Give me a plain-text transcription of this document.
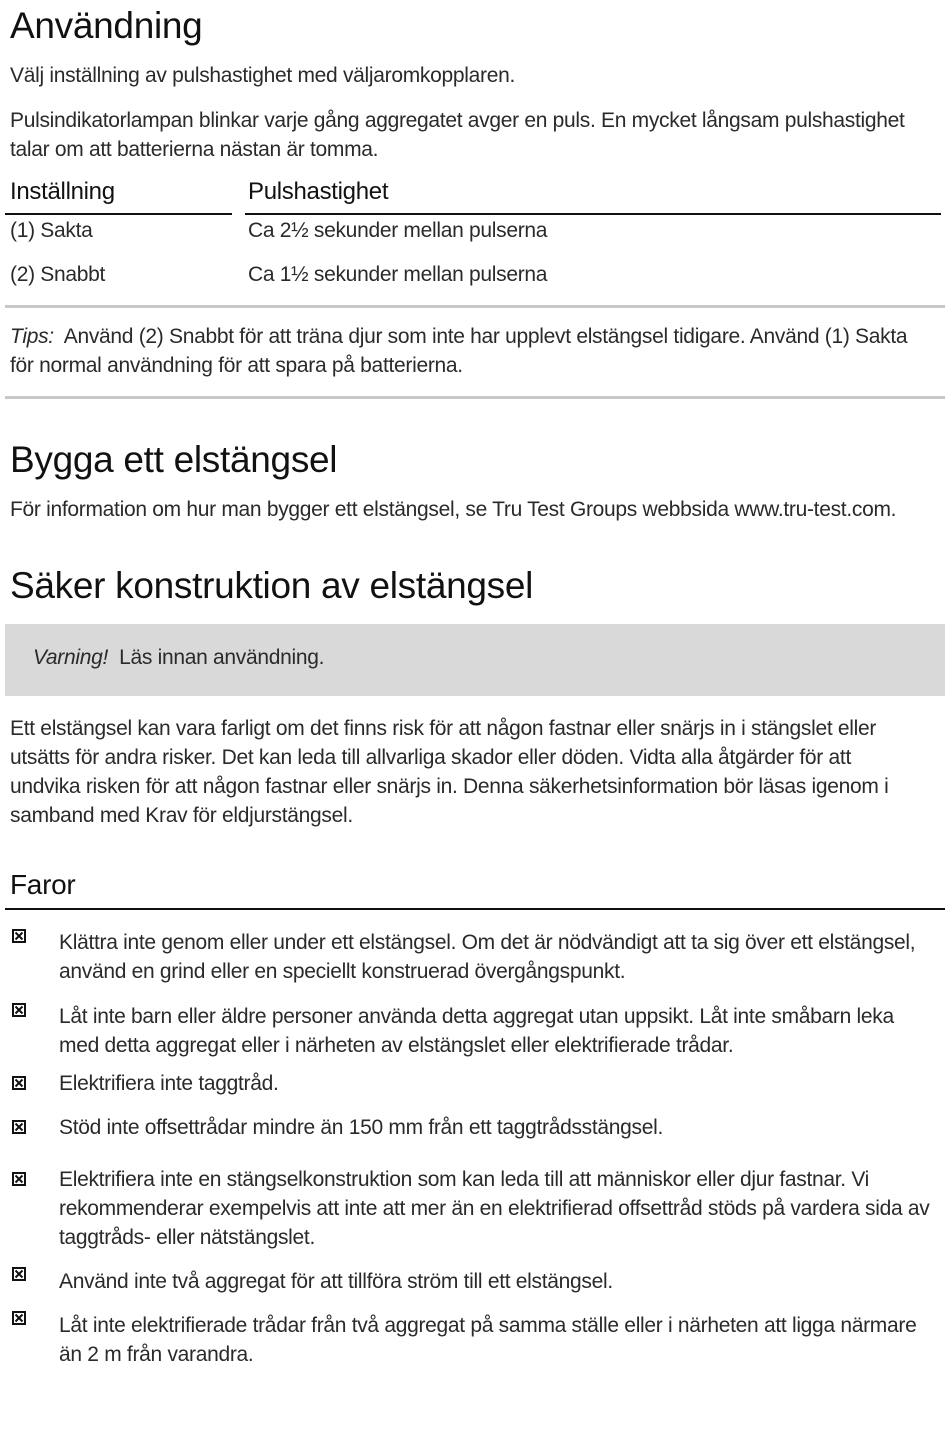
Användning

Välj inställning av pulshastighet med väljaromkopplaren.

Pulsindikatorlampan blinkar varje gång aggregatet avger en puls. En mycket långsam pulshastighet talar om att batterierna nästan är tomma.

Inställning	Pulshastighet
(1) Sakta	Ca 2½ sekunder mellan pulserna
(2) Snabbt	Ca 1½ sekunder mellan pulserna

Tips: Använd (2) Snabbt för att träna djur som inte har upplevt elstängsel tidigare. Använd (1) Sakta för normal användning för att spara på batterierna.

Bygga ett elstängsel

För information om hur man bygger ett elstängsel, se Tru Test Groups webbsida www.tru-test.com.

Säker konstruktion av elstängsel
Varning! Läs innan användning.

Ett elstängsel kan vara farligt om det finns risk för att någon fastnar eller snärjs in i stängslet eller utsätts för andra risker. Det kan leda till allvarliga skador eller döden. Vidta alla åtgärder för att undvika risken för att någon fastnar eller snärjs in. Denna säkerhetsinformation bör läsas igenom i samband med Krav för eldjurstängsel.

Faror
Klättra inte genom eller under ett elstängsel. Om det är nödvändigt att ta sig över ett elstängsel, använd en grind eller en speciellt konstruerad övergångspunkt.
Låt inte barn eller äldre personer använda detta aggregat utan uppsikt. Låt inte småbarn leka med detta aggregat eller i närheten av elstängslet eller elektrifierade trådar.
Elektrifiera inte taggtråd.
Stöd inte offsettrådar mindre än 150 mm från ett taggtrådsstängsel.
Elektrifiera inte en stängselkonstruktion som kan leda till att människor eller djur fastnar. Vi rekommenderar exempelvis att inte att mer än en elektrifierad offsettråd stöds på vardera sida av taggtråds- eller nätstängslet.
Använd inte två aggregat för att tillföra ström till ett elstängsel.
Låt inte elektrifierade trådar från två aggregat på samma ställe eller i närheten att ligga närmare än 2 m från varandra.
